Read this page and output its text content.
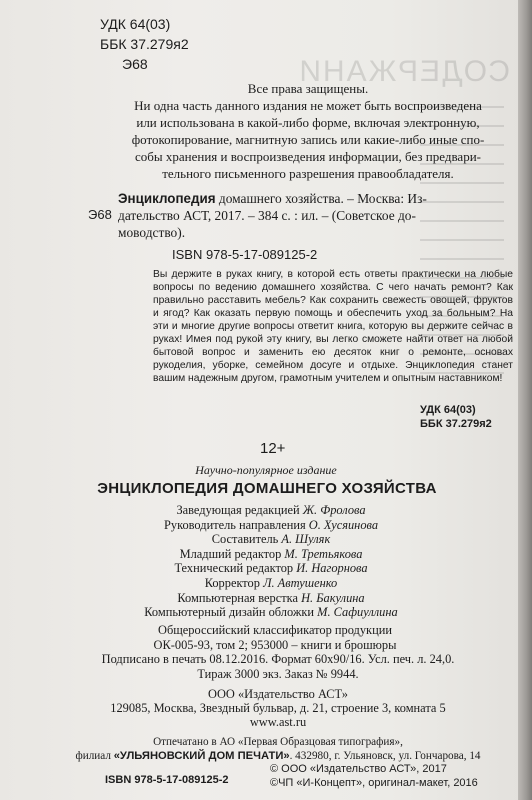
СОДЕРЖАНИ
УДК 64(03)
ББК 37.279я2
Э68
Все права защищены.
Ни одна часть данного издания не может быть воспроизведена
или использована в какой-либо форме, включая электронную,
фотокопирование, магнитную запись или какие-либо иные спо-
собы хранения и воспроизведения информации, без предвари-
тельного письменного разрешения правообладателя.
Э68
Энциклопедия домашнего хозяйства. – Москва: Из-
дательство АСТ, 2017. – 384 с. : ил. – (Советское до-
моводство).
ISBN 978-5-17-089125-2
Вы держите в руках книгу, в которой есть ответы практически на любые вопросы по ведению домашнего хозяйства. С чего начать ремонт? Как правильно расставить мебель? Как сохранить свежесть овощей, фруктов и ягод? Как оказать первую помощь и обеспечить уход за больным? На эти и многие другие вопросы ответит книга, которую вы держите сейчас в руках! Имея под рукой эту книгу, вы легко сможете найти ответ на любой бытовой вопрос и заменить ею десяток книг о ремонте, основах рукоделия, уборке, семейном досуге и отдыхе. Энциклопедия станет вашим надежным другом, грамотным учителем и опытным наставником!
УДК 64(03)
ББК 37.279я2
12+
Научно-популярное издание
ЭНЦИКЛОПЕДИЯ ДОМАШНЕГО ХОЗЯЙСТВА
Заведующая редакцией Ж. Фролова
Руководитель направления О. Хусяинова
Составитель А. Шуляк
Младший редактор М. Третьякова
Технический редактор И. Нагорнова
Корректор Л. Автушенко
Компьютерная верстка Н. Бакулина
Компьютерный дизайн обложки М. Сафиуллина
Общероссийский классификатор продукции
ОК-005-93, том 2; 953000 – книги и брошюры
Подписано в печать 08.12.2016. Формат 60х90/16. Усл. печ. л. 24,0.
Тираж 3000 экз. Заказ № 9944.
ООО «Издательство АСТ»
129085, Москва, Звездный бульвар, д. 21, строение 3, комната 5
www.ast.ru
Отпечатано в АО «Первая Образцовая типография»,
филиал «УЛЬЯНОВСКИЙ ДОМ ПЕЧАТИ». 432980, г. Ульяновск, ул. Гончарова, 14
ISBN 978-5-17-089125-2
© ООО «Издательство АСТ», 2017
©ЧП «И-Концепт», оригинал-макет, 2016
